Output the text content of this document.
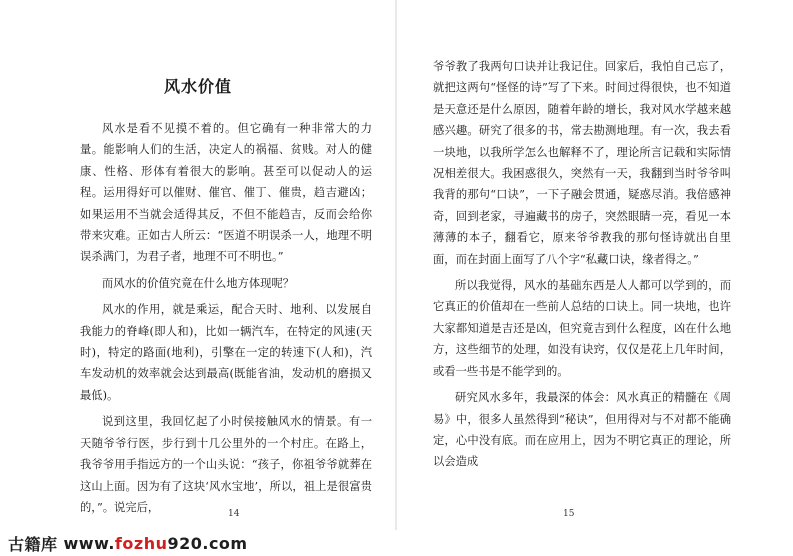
风水价值

风水是看不见摸不着的。但它确有一种非常大的力量。能影响人们的生活，决定人的祸福、贫贱。对人的健康、性格、形体有着很大的影响。甚至可以促动人的运程。运用得好可以催财、催官、催丁、催贵，趋吉避凶；如果运用不当就会适得其反，不但不能趋吉，反而会给你带来灾难。正如古人所云：“医道不明误杀一人，地理不明误杀满门，为君子者，地理不可不明也。”

而风水的价值究竟在什么地方体现呢？

风水的作用，就是乘运，配合天时、地利、以发展自我能力的脊峰(即人和)，比如一辆汽车，在特定的风速(天时)，特定的路面(地利)，引擎在一定的转速下(人和)，汽车发动机的效率就会达到最高(既能省油，发动机的磨损又最低)。

说到这里，我回忆起了小时侯接触风水的情景。有一天随爷爷行医，步行到十几公里外的一个村庄。在路上，我爷爷用手指远方的一个山头说：“孩子，你祖爷爷就葬在这山上面。因为有了这块‘风水宝地’，所以，祖上是很富贵的，”。说完后，

14

爷爷教了我两句口诀并让我记住。回家后，我怕自己忘了，就把这两句“怪怪的诗”写了下来。时间过得很快，也不知道是天意还是什么原因，随着年龄的增长，我对风水学越来越感兴趣。研究了很多的书，常去勘测地理。有一次，我去看一块地，以我所学怎么也解释不了，理论所言记载和实际情况相差很大。我困惑很久，突然有一天，我翻到当时爷爷叫我背的那句“口诀”，一下子融会贯通，疑惑尽消。我倍感神奇，回到老家，寻遍藏书的房子，突然眼睛一亮，看见一本薄薄的本子，翻看它，原来爷爷教我的那句怪诗就出自里面，而在封面上面写了八个字“私藏口诀，缘者得之。”

所以我觉得，风水的基础东西是人人都可以学到的，而它真正的价值却在一些前人总结的口诀上。同一块地，也许大家都知道是吉还是凶，但究竟吉到什么程度，凶在什么地方，这些细节的处理，如没有诀窍，仅仅是花上几年时间，或看一些书是不能学到的。

研究风水多年，我最深的体会：风水真正的精髓在《周易》中，很多人虽然得到“秘诀”，但用得对与不对都不能确定，心中没有底。而在应用上，因为不明它真正的理论，所以会造成

15
古籍库 www.fozhu920.com
